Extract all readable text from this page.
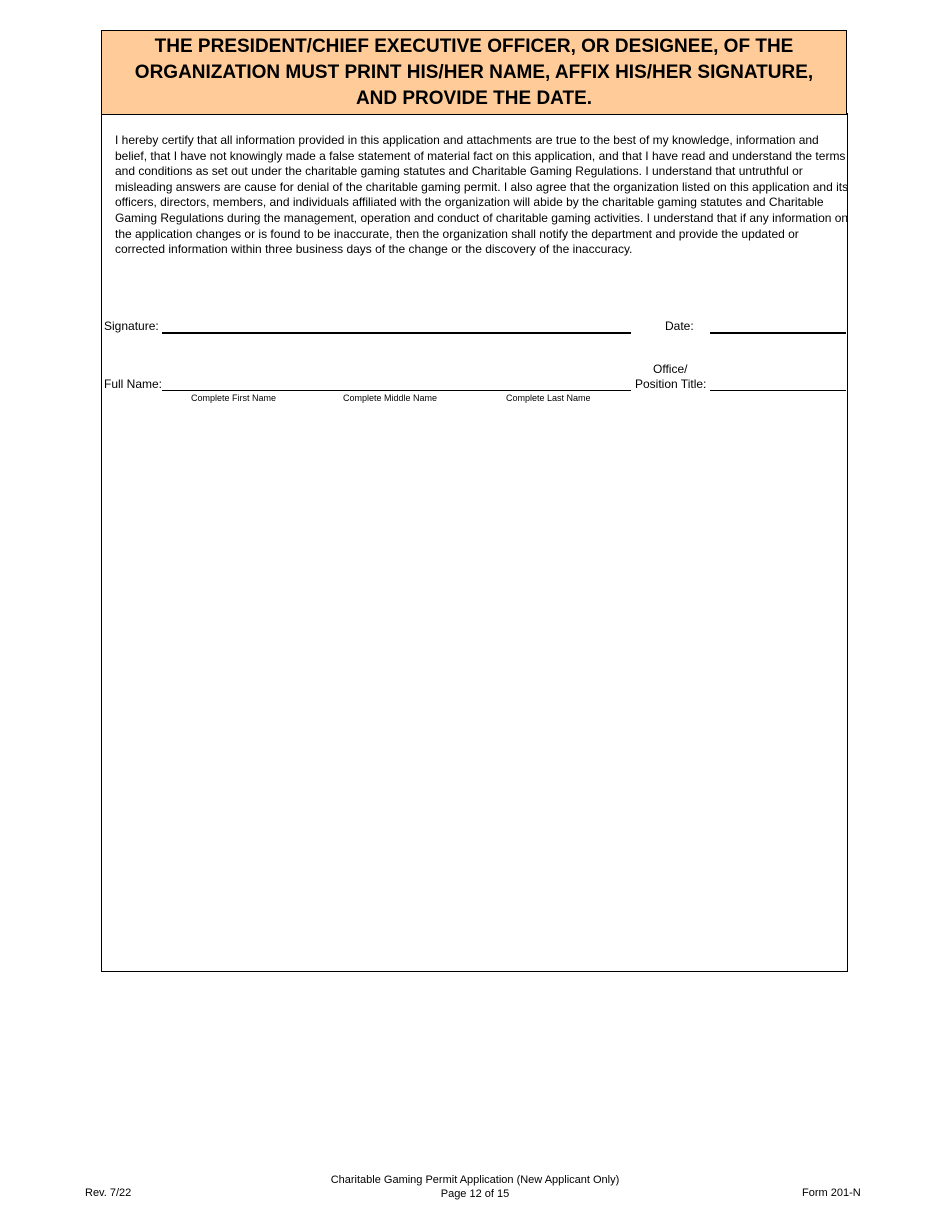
THE PRESIDENT/CHIEF EXECUTIVE OFFICER, OR DESIGNEE, OF THE ORGANIZATION MUST PRINT HIS/HER NAME, AFFIX HIS/HER SIGNATURE, AND PROVIDE THE DATE.
I hereby certify that all information provided in this application and attachments are true to the best of my knowledge, information and belief, that I have not knowingly made a false statement of material fact on this application, and that I have read and understand the terms and conditions as set out under the charitable gaming statutes and Charitable Gaming Regulations. I understand that untruthful or misleading answers are cause for denial of the charitable gaming permit. I also agree that the organization listed on this application and its officers, directors, members, and individuals affiliated with the organization will abide by the charitable gaming statutes and Charitable Gaming Regulations during the management, operation and conduct of charitable gaming activities. I understand that if any information on the application changes or is found to be inaccurate, then the organization shall notify the department and provide the updated or corrected information within three business days of the change or the discovery of the inaccuracy.
Signature:	Date:
Full Name:
Office/
Position Title:
Complete First Name	Complete Middle Name	Complete Last Name
Rev. 7/22
Charitable Gaming Permit Application (New Applicant Only)
Page 12 of 15	Form 201-N
